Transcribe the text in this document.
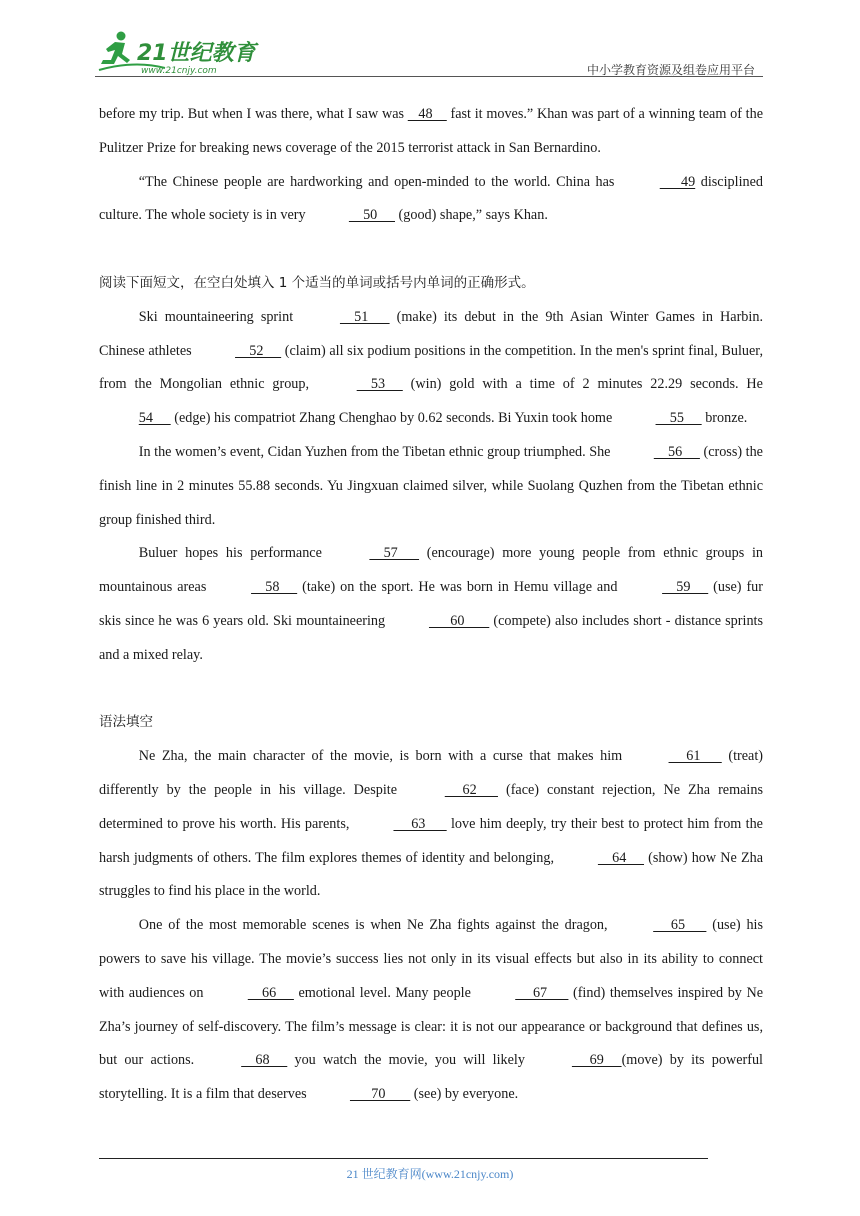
21世纪教育
www.21cnjy.com	中小学教育资源及组卷应用平台

before my trip. But when I was there, what I saw was    48     fast it moves.” Khan was part of a winning team of the Pulitzer Prize for breaking news coverage of the 2015 terrorist attack in San Bernardino.

“The Chinese people are hardworking and open-minded to the world. China has	49 disciplined culture. The whole society is in very	50      (good) shape,” says Khan.

阅读下面短文，在空白处填入 1 个适当的单词或括号内单词的正确形式。

Ski mountaineering sprint	51       (make) its debut in the 9th Asian Winter Games in Harbin. Chinese athletes	52      (claim) all six podium positions in the competition. In the men's sprint final, Buluer, from the Mongolian ethnic group,	53      (win) gold with a time of 2 minutes 22.29 seconds. He 54      (edge) his compatriot Zhang Chenghao by 0.62 seconds. Bi Yuxin took home	55      bronze.

In the women’s event, Cidan Yuzhen from the Tibetan ethnic group triumphed. She	56      (cross) the finish line in 2 minutes 55.88 seconds. Yu Jingxuan claimed silver, while Suolang Quzhen from the Tibetan ethnic group finished third.

Buluer hopes his performance	57       (encourage) more young people from ethnic groups in mountainous areas	58      (take) on the sport. He was born in Hemu village and	59      (use) fur skis since he was 6 years old. Ski mountaineering	60        (compete) also includes short - distance sprints and a mixed relay.

语法填空

Ne Zha, the main character of the movie, is born with a curse that makes him	61       (treat) differently by the people in his village. Despite	62       (face) constant rejection, Ne Zha remains determined to prove his worth. His parents,	63       love him deeply, try their best to protect him from the harsh judgments of others. The film explores themes of identity and belonging,	64      (show) how Ne Zha struggles to find his place in the world.

One of the most memorable scenes is when Ne Zha fights against the dragon,	65       (use) his powers to save his village. The movie’s success lies not only in its visual effects but also in its ability to connect with audiences on	66      emotional level. Many people	67       (find) themselves inspired by Ne Zha’s journey of self-discovery. The film’s message is clear: it is not our appearance or background that defines us, but our actions.	68      you watch the movie, you will likely	69     (move) by its powerful storytelling. It is a film that deserves	70        (see) by everyone.

21 世纪教育网(www.21cnjy.com)
